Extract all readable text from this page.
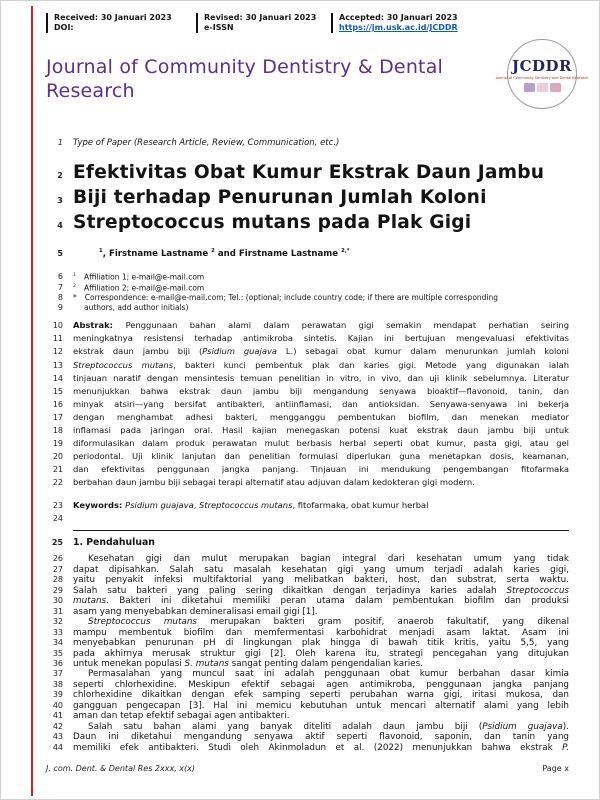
Received: 30 Januari 2023
DOI:
Revised: 30 Januari 2023
e-ISSN
Accepted: 30 Januari 2023
https://jm.usk.ac.id/JCDDR
Journal of Community Dentistry & Dental Research
JCDDR
Journal of Community Dentistry and Dental Research
1 Type of Paper (Research Article, Review, Communication, etc.)
2 Efektivitas Obat Kumur Ekstrak Daun Jambu
3 Biji terhadap Penurunan Jumlah Koloni
4 Streptococcus mutans pada Plak Gigi
5	$^1$, Firstname Lastname $^2$ and Firstname Lastname $^{2,*}$
6 $^1$ Affiliation 1; e-mail@e-mail.com
7 $^2$ Affiliation 2; e-mail@e-mail.com
8 * Correspondence: e-mail@e-mail.com; Tel.: (optional; include country code; if there are multiple corresponding
9	authors, add author initials)
10 Abstrak: Penggunaan bahan alami dalam perawatan gigi semakin mendapat perhatian seiring
11 meningkatnya resistensi terhadap antimikroba sintetis. Kajian ini bertujuan mengevaluasi efektivitas
12 ekstrak daun jambu biji (Psidium guajava L.) sebagai obat kumur dalam menurunkan jumlah koloni
13 Streptococcus mutans, bakteri kunci pembentuk plak dan karies gigi. Metode yang digunakan ialah
14 tinjauan naratif dengan mensintesis temuan penelitian in vitro, in vivo, dan uji klinik sebelumnya. Literatur
15 menunjukkan bahwa ekstrak daun jambu biji mengandung senyawa bioaktif—flavonoid, tanin, dan
16 minyak atsiri—yang bersifat antibakteri, antiinflamasi, dan antioksidan. Senyawa-senyawa ini bekerja
17 dengan menghambat adhesi bakteri, mengganggu pembentukan biofilm, dan menekan mediator
18 inflamasi pada jaringan oral. Hasil kajian menegaskan potensi kuat ekstrak daun jambu biji untuk
19 diformulasikan dalam produk perawatan mulut berbasis herbal seperti obat kumur, pasta gigi, atau gel
20 periodontal. Uji klinik lanjutan dan penelitian formulasi diperlukan guna menetapkan dosis, keamanan,
21 dan efektivitas penggunaan jangka panjang. Tinjauan ini mendukung pengembangan fitofarmaka
22 berbahan daun jambu biji sebagai terapi alternatif atau adjuvan dalam kedokteran gigi modern.
23 Keywords: Psidium guajava, Streptococcus mutans, fitofarmaka, obat kumur herbal
24
25 1. Pendahuluan
26	Kesehatan gigi dan mulut merupakan bagian integral dari kesehatan umum yang tidak
27 dapat dipisahkan. Salah satu masalah kesehatan gigi yang umum terjadi adalah karies gigi,
28 yaitu penyakit infeksi multifaktorial yang melibatkan bakteri, host, dan substrat, serta waktu.
29 Salah satu bakteri yang paling sering dikaitkan dengan terjadinya karies adalah Streptococcus
30 mutans. Bakteri ini diketahui memiliki peran utama dalam pembentukan biofilm dan produksi
31 asam yang menyebabkan demineralisasi email gigi [1].
32	Streptococcus mutans merupakan bakteri gram positif, anaerob fakultatif, yang dikenal
33 mampu membentuk biofilm dan memfermentasi karbohidrat menjadi asam laktat. Asam ini
34 menyebabkan penurunan pH di lingkungan plak hingga di bawah titik kritis, yaitu 5,5, yang
35 pada akhirnya merusak struktur gigi [2]. Oleh karena itu, strategi pencegahan yang ditujukan
36 untuk menekan populasi S. mutans sangat penting dalam pengendalian karies.
37	Permasalahan yang muncul saat ini adalah penggunaan obat kumur berbahan dasar kimia
38 seperti chlorhexidine. Meskipun efektif sebagai agen antimikroba, penggunaan jangka panjang
39 chlorhexidine dikaitkan dengan efek samping seperti perubahan warna gigi, iritasi mukosa, dan
40 gangguan pengecapan [3]. Hal ini memicu kebutuhan untuk mencari alternatif alami yang lebih
41 aman dan tetap efektif sebagai agen antibakteri.
42	Salah satu bahan alami yang banyak diteliti adalah daun jambu biji (Psidium guajava).
43 Daun ini diketahui mengandung senyawa aktif seperti flavonoid, saponin, dan tanin yang
44 memiliki efek antibakteri. Studi oleh Akinmoladun et al. (2022) menunjukkan bahwa ekstrak P.
J. com. Dent. & Dental Res 2xxx, x(x)	Page x
